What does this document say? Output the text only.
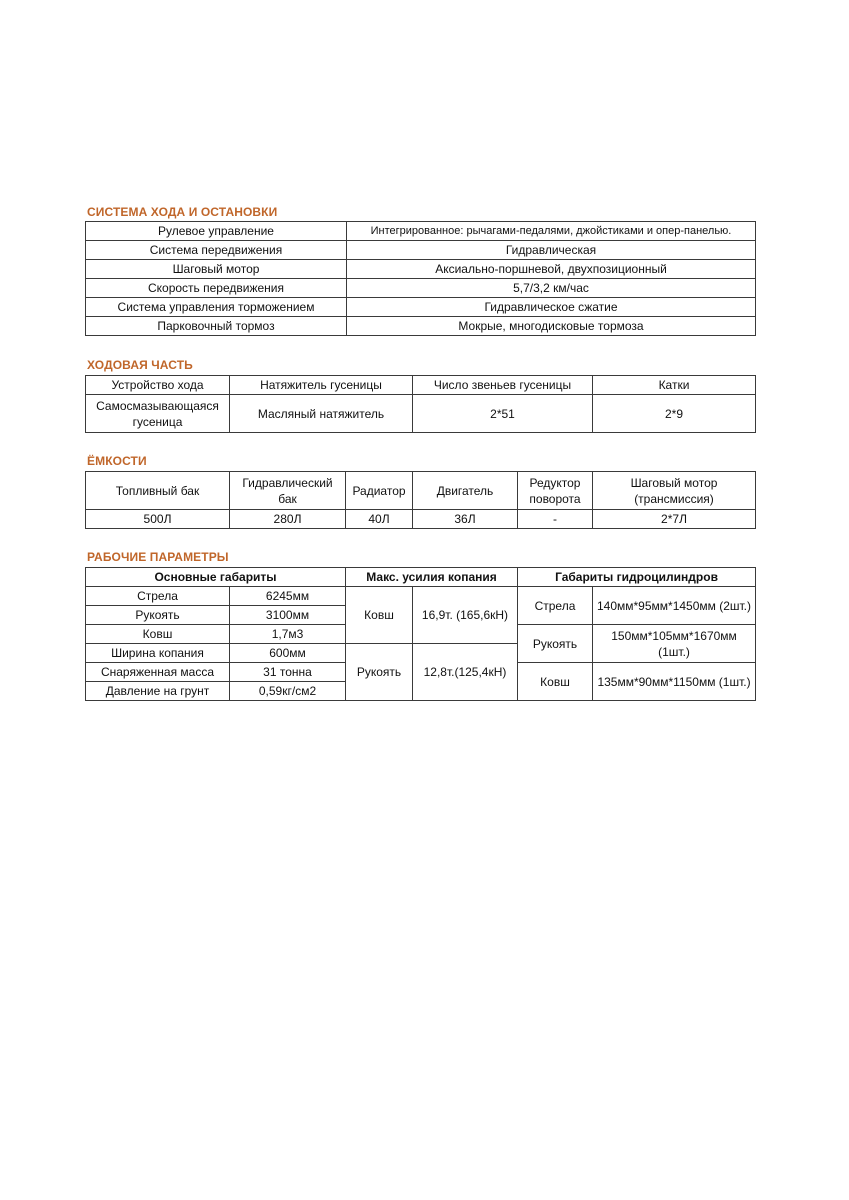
СИСТЕМА ХОДА И ОСТАНОВКИ
Рулевое управление	Интегрированное: рычагами-педалями, джойстиками и опер-панелью.
Система передвижения	Гидравлическая
Шаговый мотор	Аксиально-поршневой, двухпозиционный
Скорость передвижения	5,7/3,2 км/час
Система управления торможением	Гидравлическое сжатие
Парковочный тормоз	Мокрые, многодисковые тормоза
ХОДОВАЯ ЧАСТЬ
Устройство хода	Натяжитель гусеницы	Число звеньев гусеницы	Катки
Самосмазывающаяся гусеница	Масляный натяжитель	2*51	2*9
ЁМКОСТИ
Топливный бак	Гидравлический бак	Радиатор	Двигатель	Редуктор поворота	Шаговый мотор (трансмиссия)
500Л	280Л	40Л	36Л	-	2*7Л
РАБОЧИЕ ПАРАМЕТРЫ
Основные габариты		Макс. усилия копания		Габариты гидроцилиндров	
Стрела	6245мм	Ковш	16,9т. (165,6кН)	Стрела	140мм*95мм*1450мм (2шт.)
Рукоять	3100мм				
Ковш	1,7м3			Рукоять	150мм*105мм*1670мм (1шт.)
Ширина копания	600мм	Рукоять	12,8т.(125,4кН)		
Снаряженная масса	31 тонна			Ковш	135мм*90мм*1150мм (1шт.)
Давление на грунт	0,59кг/см2				
